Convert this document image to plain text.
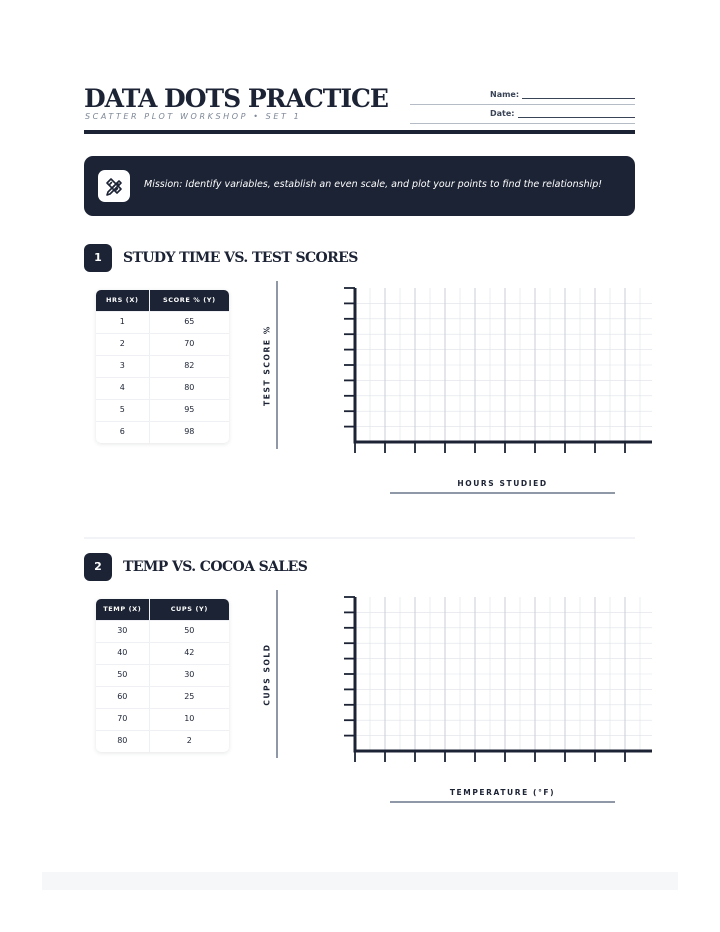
DATA DOTS PRACTICE
SCATTER PLOT WORKSHOP • SET 1
Name:
Date:
Mission: Identify variables, establish an even scale, and plot your points to find the relationship!
1	STUDY TIME VS. TEST SCORES
HRS (X)	SCORE % (Y)
1	65
2	70
3	82
4	80
5	95
6	98
TEST SCORE %
HOURS STUDIED
2	TEMP VS. COCOA SALES
TEMP (X)	CUPS (Y)
30	50
40	42
50	30
60	25
70	10
80	2
CUPS SOLD
TEMPERATURE (°F)
